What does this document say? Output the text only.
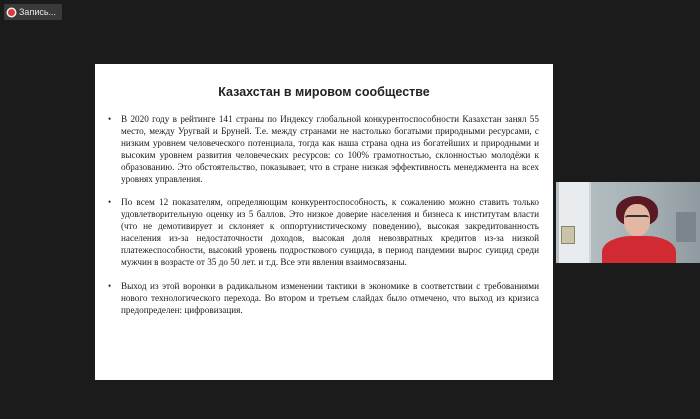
Запись...
Казахстан в мировом сообществе
• В 2020 году в рейтинге 141 страны по Индексу глобальной конкурентоспособности Казахстан занял 55 место, между Уругвай и Бруней. Т.е. между странами не настолько богатыми природными ресурсами, с низким уровнем человеческого потенциала, тогда как наша страна одна из богатейших и природными и высоким уровнем развития человеческих ресурсов: со 100% грамотностью, склонностью молодёжи к образованию. Это обстоятельство, показывает, что в стране низкая эффективность менеджмента на всех уровнях управления.
• По всем 12 показателям, определяющим конкурентоспособность, к сожалению можно ставить только удовлетворительную оценку из 5 баллов. Это низкое доверие населения и бизнеса к институтам власти (что не демотивирует и склоняет к оппортунистическому поведению), высокая закредитованность населения из-за недостаточности доходов, высокая доля невозвратных кредитов из-за низкой платежеспособности, высокий уровень подросткового суицида, в период пандемии вырос суицид среди мужчин в возрасте от 35 до 50 лет. и т.д. Все эти явления взаимосвязаны.
• Выход из этой воронки в радикальном изменении тактики в экономике в соответствии с требованиями нового технологического перехода. Во втором и третьем слайдах было отмечено, что выход из кризиса предопределен: цифровизация.
